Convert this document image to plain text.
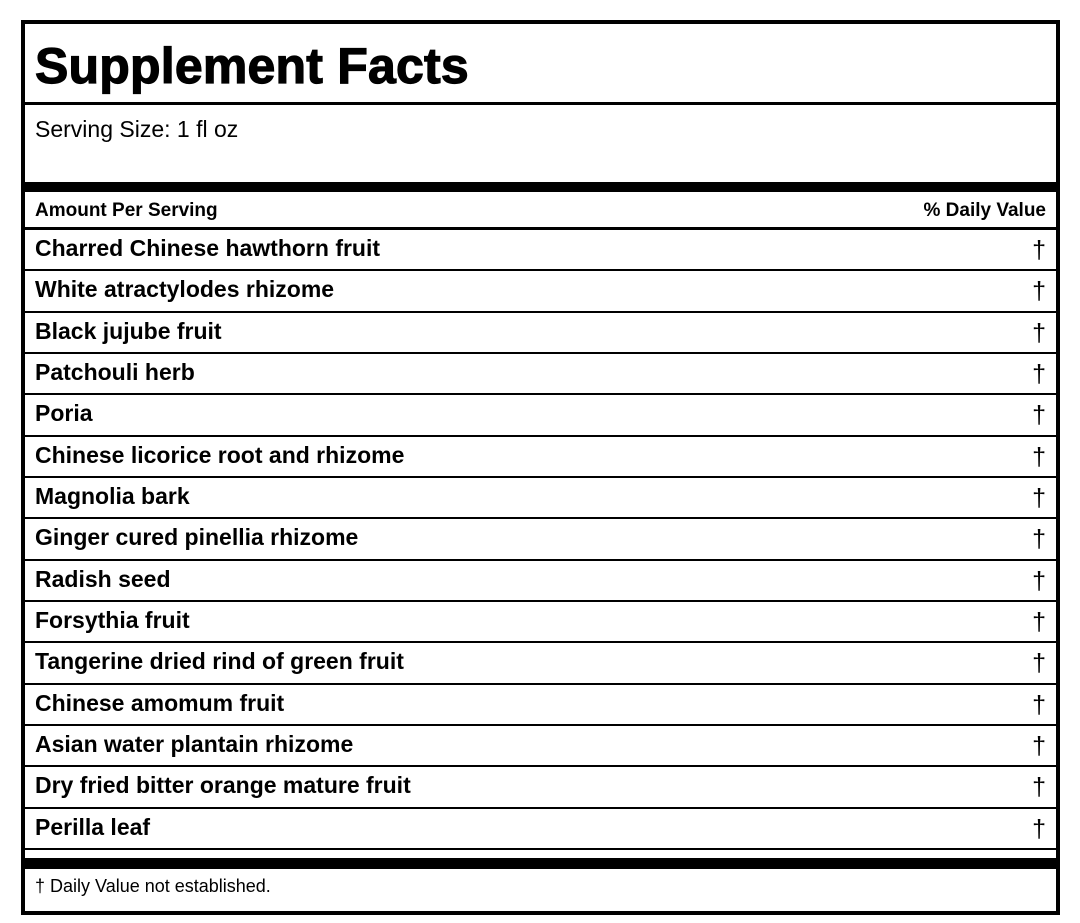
Supplement Facts
Serving Size: 1 fl oz
Amount Per Serving	% Daily Value
Charred Chinese hawthorn fruit	†
White atractylodes rhizome	†
Black jujube fruit	†
Patchouli herb	†
Poria	†
Chinese licorice root and rhizome	†
Magnolia bark	†
Ginger cured pinellia rhizome	†
Radish seed	†
Forsythia fruit	†
Tangerine dried rind of green fruit	†
Chinese amomum fruit	†
Asian water plantain rhizome	†
Dry fried bitter orange mature fruit	†
Perilla leaf	†
† Daily Value not established.
